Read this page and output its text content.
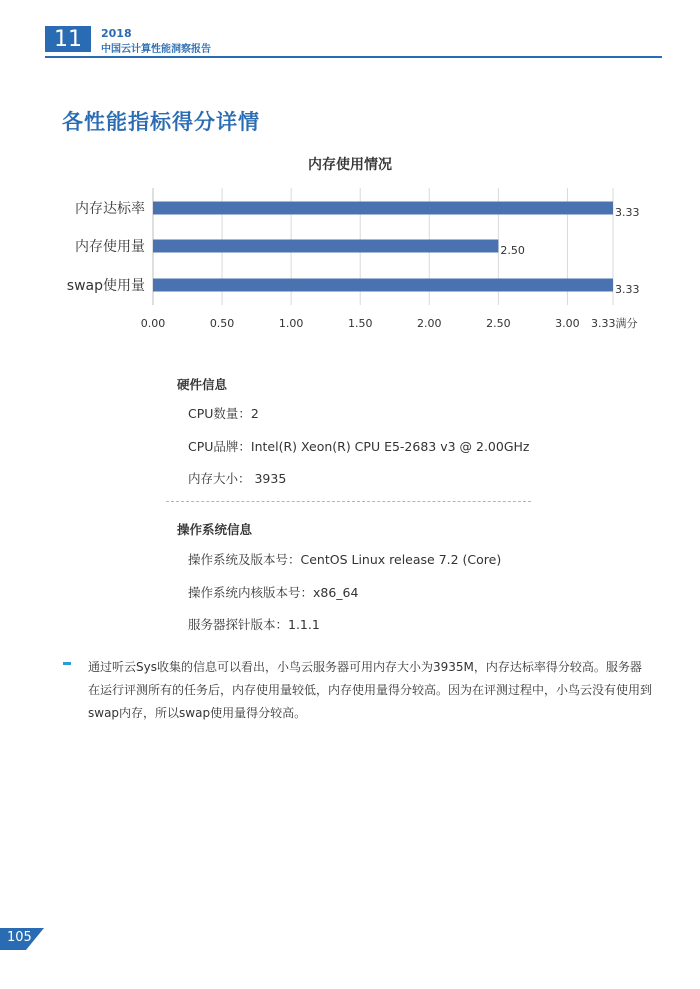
11 2018
中国云计算性能洞察报告
各性能指标得分详情
内存使用情况
0.00	0.50	1.00	1.50	2.00	2.50	3.00 3.33满分
内存达标率	3.33
内存使用量	2.50
swap使用量	3.33
硬件信息
CPU数量：2
CPU品牌：Intel(R) Xeon(R) CPU E5-2683 v3 @ 2.00GHz
内存大小： 3935
操作系统信息
操作系统及版本号：CentOS Linux release 7.2 (Core)
操作系统内核版本号：x86_64
服务器探针版本：1.1.1
通过听云Sys收集的信息可以看出，小鸟云服务器可用内存大小为3935M，内存达标率得分较高。服务器在运行评测所有的任务后，内存使用量较低，内存使用量得分较高。因为在评测过程中，小鸟云没有使用到swap内存，所以swap使用量得分较高。
105
